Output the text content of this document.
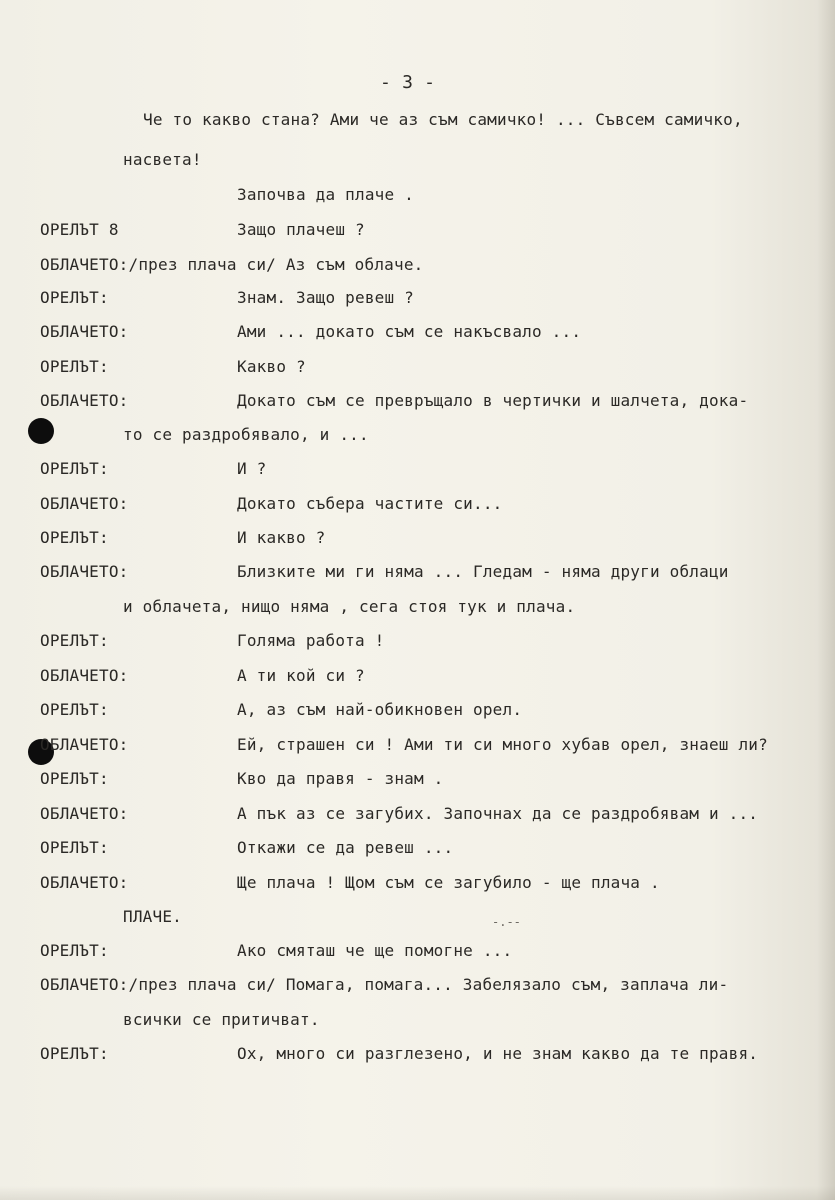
- 3 -

Че то какво стана? Ами че аз съм самичко! ... Съвсем самичко,

насвета!

Започва да плаче .

ОРЕЛЪТ 8	Защо плачеш ?

ОБЛАЧЕТО:/през плача си/ Аз съм облаче.

ОРЕЛЪТ:	Знам. Защо ревеш ?

ОБЛАЧЕТО:	Ами ... докато съм се накъсвало ...

ОРЕЛЪТ:	Какво ?

ОБЛАЧЕТО:	Докато съм се превръщало в чертички и шалчета, дока-

то се раздробявало, и ...

ОРЕЛЪТ:	И ?

ОБЛАЧЕТО:	Докато събера частите си...

ОРЕЛЪТ:	И какво ?

ОБЛАЧЕТО:	Близките ми ги няма ... Гледам - няма други облаци

и облачета, нищо няма , сега стоя тук и плача.

ОРЕЛЪТ:	Голяма работа !

ОБЛАЧЕТО:	А ти кой си ?

ОРЕЛЪТ:	А, аз съм най-обикновен орел.

ОБЛАЧЕТО:	Ей, страшен си ! Ами ти си много хубав орел, знаеш ли?

ОРЕЛЪТ:	Кво да правя - знам .

ОБЛАЧЕТО:	А пък аз се загубих. Започнах да се раздробявам и ...

ОРЕЛЪТ:	Откажи се да ревеш ...

ОБЛАЧЕТО:	Ще плача ! Щом съм се загубило - ще плача .

ПЛАЧЕ.

ОРЕЛЪТ:	Ако смяташ че ще помогне ...

ОБЛАЧЕТО:/през плача си/ Помага, помага... Забелязало съм, заплача ли-

всички се притичват.

ОРЕЛЪТ:	Ох, много си разглезено, и не знам какво да те правя.

-.--
